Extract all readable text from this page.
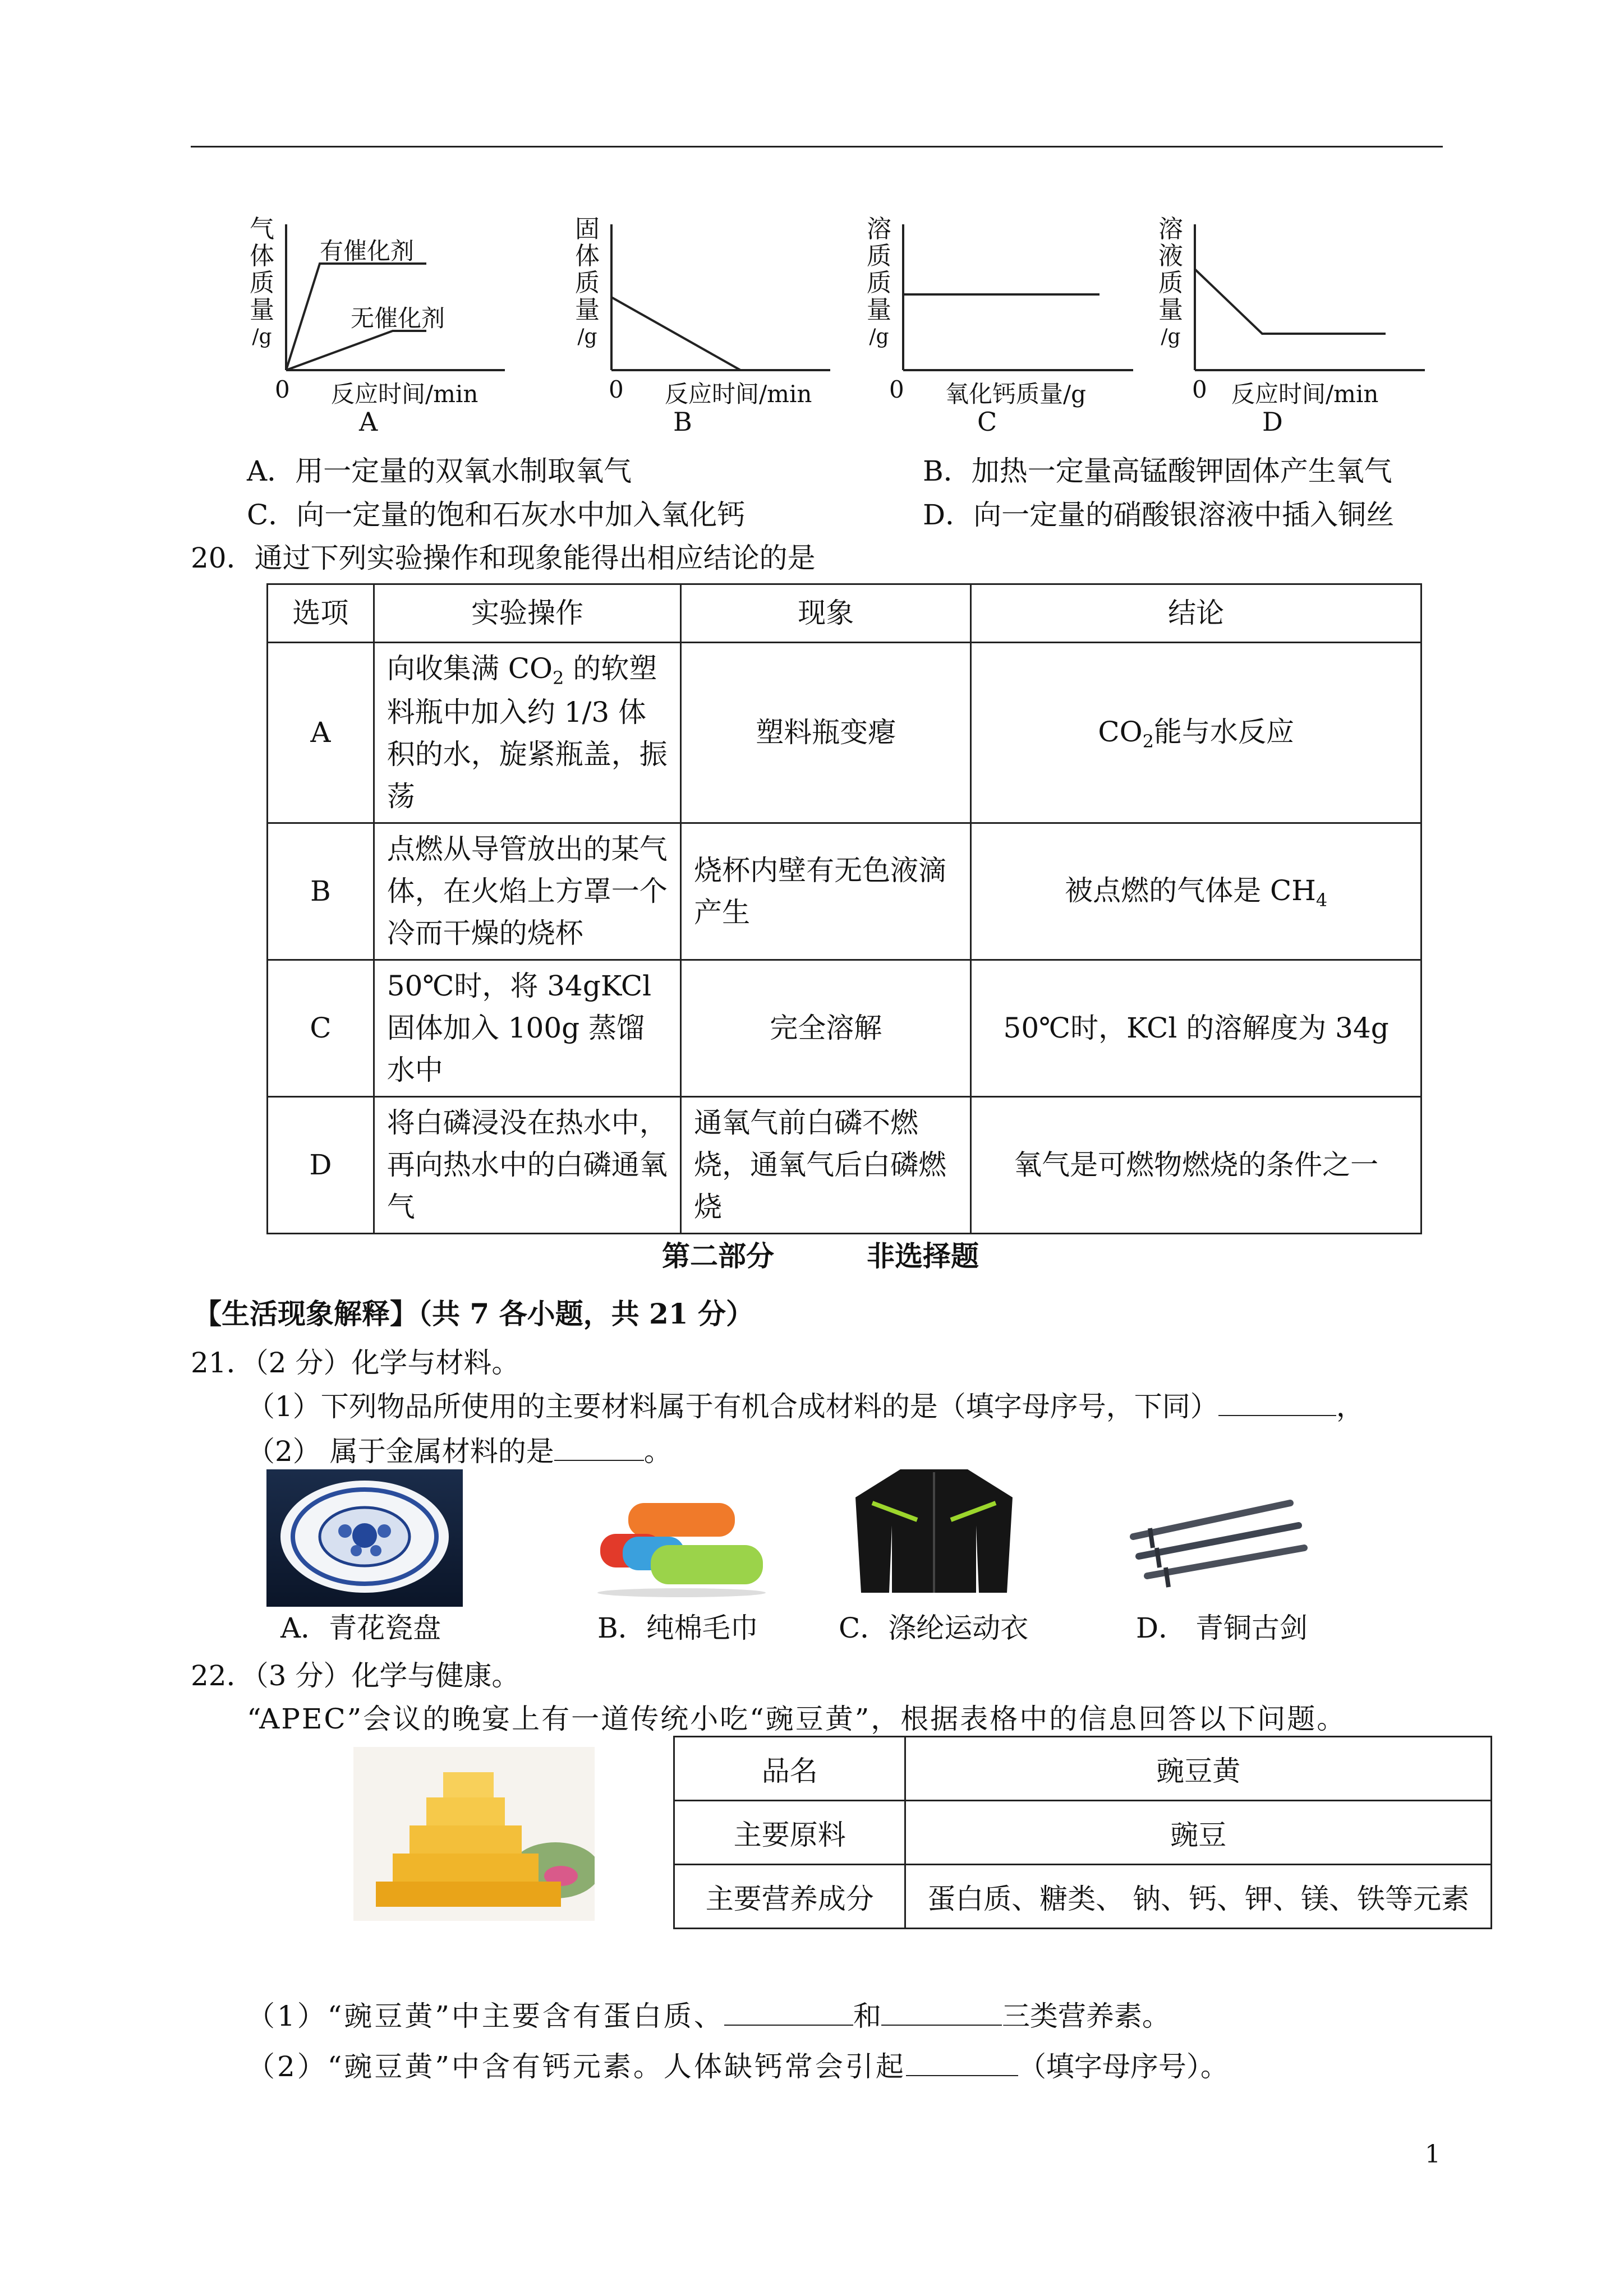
气
体
质
量
/g
有催化剂
无催化剂
0 反应时间/min
A
固
体
质
量
/g
0 反应时间/min
B
溶
质
质
量
/g
0 氧化钙质量/g
C
溶
液
质
量
/g
0 反应时间/min
D
A．用一定量的双氧水制取氧气	B．加热一定量高锰酸钾固体产生氧气
C．向一定量的饱和石灰水中加入氧化钙	D．向一定量的硝酸银溶液中插入铜丝
20．通过下列实验操作和现象能得出相应结论的是
选项	实验操作	现象	结论
A	向收集满 $CO_2$ 的软塑料瓶中加入约 1/3 体积的水，旋紧瓶盖，振荡	塑料瓶变瘪	$CO_2$能与水反应
B	点燃从导管放出的某气体，在火焰上方罩一个冷而干燥的烧杯	烧杯内壁有无色液滴产生	被点燃的气体是 $CH_4$
C	50℃时，将 34gKCl 固体加入 100g 蒸馏水中	完全溶解	50℃时，KCl 的溶解度为 34g
D	将白磷浸没在热水中，再向热水中的白磷通氧气	通氧气前白磷不燃烧，通氧气后白磷燃烧	氧气是可燃物燃烧的条件之一
第二部分	非选择题
【生活现象解释】（共 7 各小题，共 21 分）
21．（2 分）化学与材料。
（1）下列物品所使用的主要材料属于有机合成材料的是（填字母序号，下同）	，
（2） 属于金属材料的是	。
A．青花瓷盘	B．纯棉毛巾	C．涤纶运动衣	D． 青铜古剑
22．（3 分）化学与健康。
“APEC”会议的晚宴上有一道传统小吃“豌豆黄”，根据表格中的信息回答以下问题。
品名	豌豆黄
主要原料	豌豆
主要营养成分	蛋白质、糖类、 钠、钙、钾、镁、铁等元素
（1）“豌豆黄”中主要含有蛋白质、	和	三类营养素。
（2）“豌豆黄”中含有钙元素。人体缺钙常会引起	（填字母序号）。
1
